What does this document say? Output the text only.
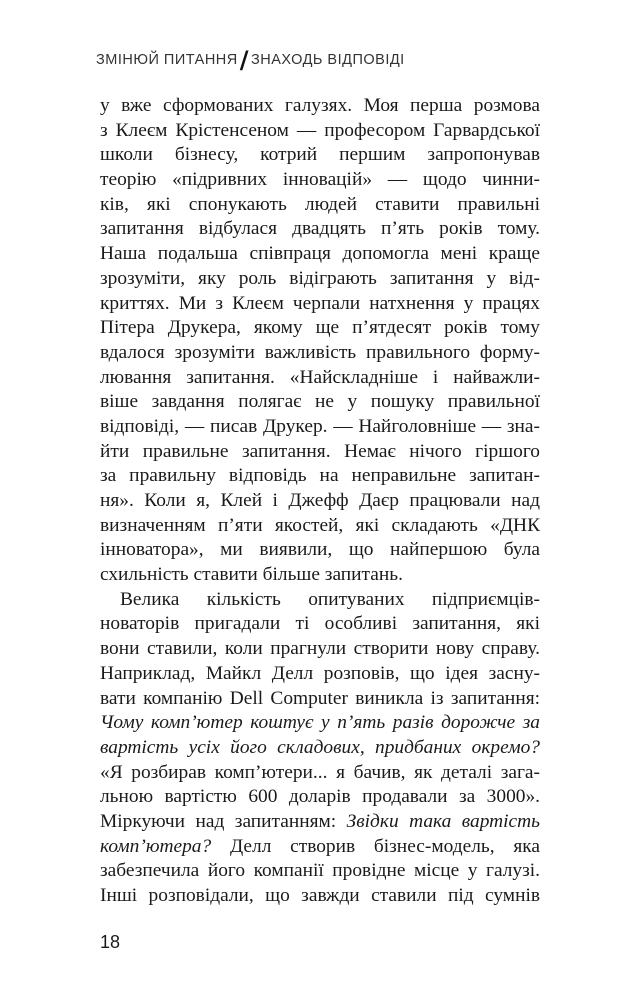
ЗМІНЮЙ ПИТАННЯ/ ЗНАХОДЬ ВІДПОВІДІ

у вже сформованих галузях. Моя перша розмова
з Клеєм Крістенсеном — професором Гарвардської
школи бізнесу, котрий першим запропонував
теорію «підривних інновацій» — щодо чинни-
ків, які спонукають людей ставити правильні
запитання відбулася двадцять п’ять років тому.
Наша подальша співпраця допомогла мені краще
зрозуміти, яку роль відіграють запитання у від-
криттях. Ми з Клеєм черпали натхнення у працях
Пітера Друкера, якому ще п’ятдесят років тому
вдалося зрозуміти важливість правильного форму-
лювання запитання. «Найскладніше і найважли-
віше завдання полягає не у пошуку правильної
відповіді, — писав Друкер. — Найголовніше — зна-
йти правильне запитання. Немає нічого гіршого
за правильну відповідь на неправильне запитан-
ня». Коли я, Клей і Джефф Даєр працювали над
визначенням п’яти якостей, які складають «ДНК
інноватора», ми виявили, що найпершою була
схильність ставити більше запитань.

Велика кількість опитуваних підприємців-
новаторів пригадали ті особливі запитання, які
вони ставили, коли прагнули створити нову справу.
Наприклад, Майкл Делл розповів, що ідея засну-
вати компанію Dell Computer виникла із запитання:
Чому комп’ютер коштує у п’ять разів дорожче за
вартість усіх його складових, придбаних окремо?
«Я розбирав комп’ютери... я бачив, як деталі зага-
льною вартістю 600 доларів продавали за 3000».
Міркуючи над запитанням: Звідки така вартість
комп’ютера? Делл створив бізнес-модель, яка
забезпечила його компанії провідне місце у галузі.
Інші розповідали, що завжди ставили під сумнів

18
